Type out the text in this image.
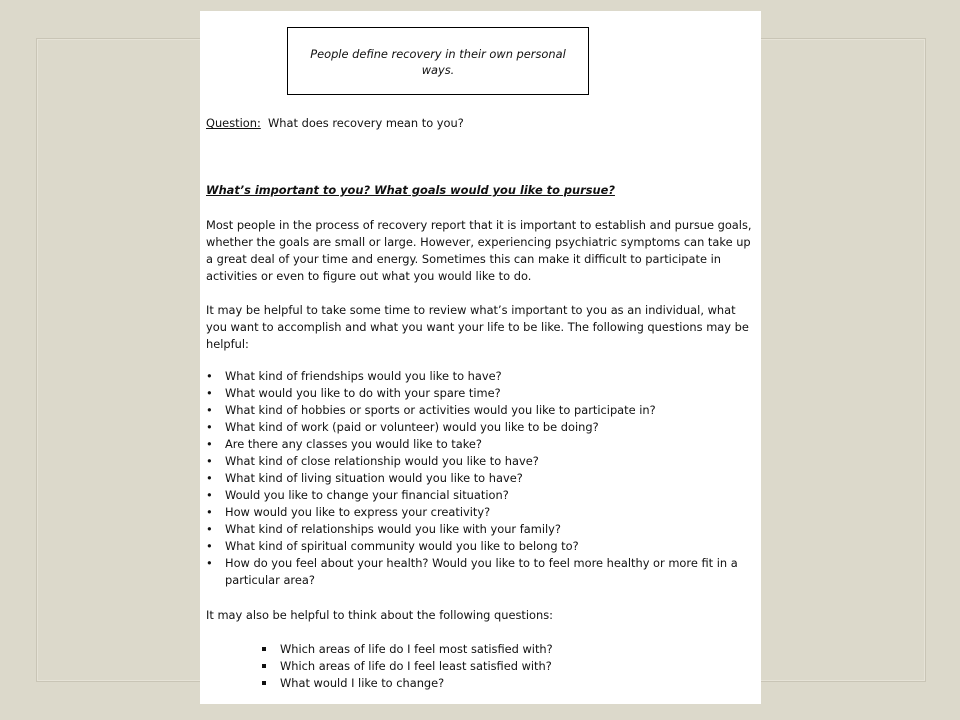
People define recovery in their own personal ways.
Question: What does recovery mean to you?
What’s important to you? What goals would you like to pursue?

Most people in the process of recovery report that it is important to establish and pursue goals, whether the goals are small or large. However, experiencing psychiatric symptoms can take up a great deal of your time and energy. Sometimes this can make it difficult to participate in activities or even to figure out what you would like to do.

It may be helpful to take some time to review what’s important to you as an individual, what you want to accomplish and what you want your life to be like. The following questions may be helpful:

• What kind of friendships would you like to have?
• What would you like to do with your spare time?
• What kind of hobbies or sports or activities would you like to participate in?
• What kind of work (paid or volunteer) would you like to be doing?
• Are there any classes you would like to take?
• What kind of close relationship would you like to have?
• What kind of living situation would you like to have?
• Would you like to change your financial situation?
• How would you like to express your creativity?
• What kind of relationships would you like with your family?
• What kind of spiritual community would you like to belong to?
• How do you feel about your health? Would you like to to feel more healthy or more fit in a particular area?

It may also be helpful to think about the following questions:

Which areas of life do I feel most satisfied with?
Which areas of life do I feel least satisfied with?
What would I like to change?
